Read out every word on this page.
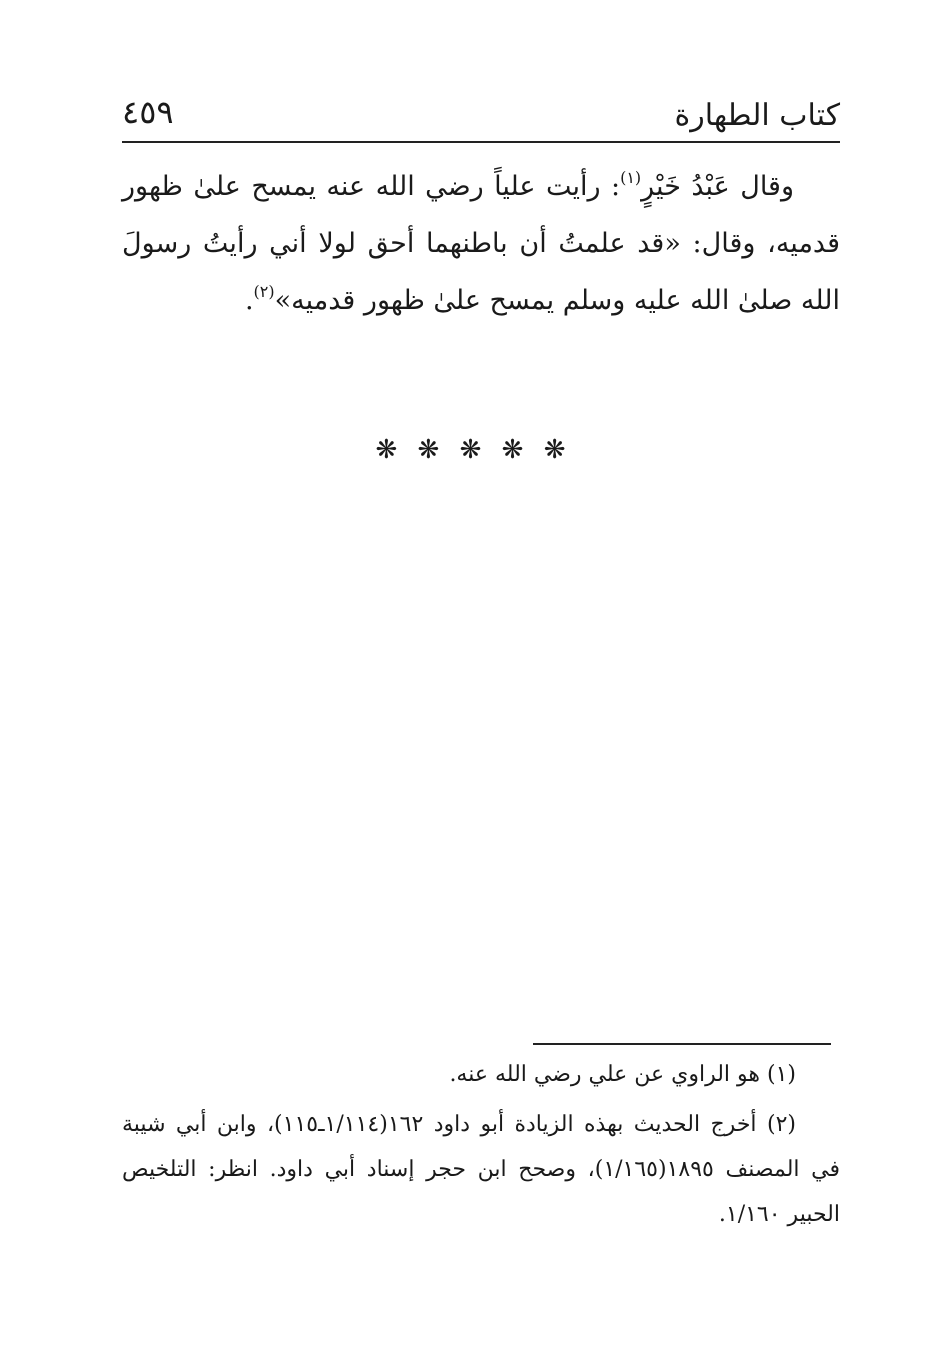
كتاب الطهارة
٤٥٩

وقال عَبْدُ خَيْرٍ$^{(١)}$: رأيت علياً رضي الله عنه يمسح علىٰ ظهور قدميه، وقال: «قد علمتُ أن باطنهما أحق لولا أني رأيتُ رسولَ الله صلىٰ الله عليه وسلم يمسح علىٰ ظهور قدميه»$^{(٢)}$.

❋ ❋ ❋ ❋ ❋

(١) هو الراوي عن علي رضي الله عنه.

(٢) أخرج الحديث بهذه الزيادة أبو داود ١٦٢(١/١١٤ـ١١٥)، وابن أبي شيبة في المصنف ١٨٩٥(١/١٦٥)، وصحح ابن حجر إسناد أبي داود. انظر: التلخيص الحبير ١/١٦٠.
